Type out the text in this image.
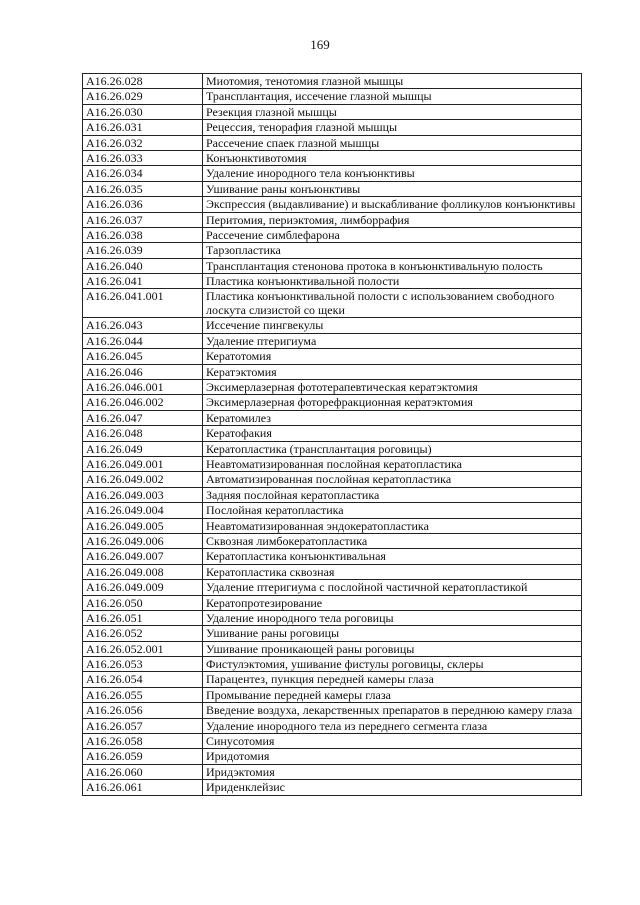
169
A16.26.028	Миотомия, тенотомия глазной мышцы
A16.26.029	Трансплантация, иссечение глазной мышцы
A16.26.030	Резекция глазной мышцы
A16.26.031	Рецессия, тенорафия глазной мышцы
A16.26.032	Рассечение спаек глазной мышцы
A16.26.033	Конъюнктивотомия
A16.26.034	Удаление инородного тела конъюнктивы
A16.26.035	Ушивание раны конъюнктивы
A16.26.036	Экспрессия (выдавливание) и выскабливание фолликулов конъюнктивы
A16.26.037	Перитомия, периэктомия, лимборрафия
A16.26.038	Рассечение симблефарона
A16.26.039	Тарзопластика
A16.26.040	Трансплантация стенонова протока в конъюнктивальную полость
A16.26.041	Пластика конъюнктивальной полости
A16.26.041.001	Пластика конъюнктивальной полости с использованием свободного лоскута слизистой со щеки
A16.26.043	Иссечение пингвекулы
A16.26.044	Удаление птеригиума
A16.26.045	Кератотомия
A16.26.046	Кератэктомия
A16.26.046.001	Эксимерлазерная фототерапевтическая кератэктомия
A16.26.046.002	Эксимерлазерная фоторефракционная кератэктомия
A16.26.047	Кератомилез
A16.26.048	Кератофакия
A16.26.049	Кератопластика (трансплантация роговицы)
A16.26.049.001	Неавтоматизированная послойная кератопластика
A16.26.049.002	Автоматизированная послойная кератопластика
A16.26.049.003	Задняя послойная кератопластика
A16.26.049.004	Послойная кератопластика
A16.26.049.005	Неавтоматизированная эндокератопластика
A16.26.049.006	Сквозная лимбокератопластика
A16.26.049.007	Кератопластика конъюнктивальная
A16.26.049.008	Кератопластика сквозная
A16.26.049.009	Удаление птеригиума с послойной частичной кератопластикой
A16.26.050	Кератопротезирование
A16.26.051	Удаление инородного тела роговицы
A16.26.052	Ушивание раны роговицы
A16.26.052.001	Ушивание проникающей раны роговицы
A16.26.053	Фистулэктомия, ушивание фистулы роговицы, склеры
A16.26.054	Парацентез, пункция передней камеры глаза
A16.26.055	Промывание передней камеры глаза
A16.26.056	Введение воздуха, лекарственных препаратов в переднюю камеру глаза
A16.26.057	Удаление инородного тела из переднего сегмента глаза
A16.26.058	Синусотомия
A16.26.059	Иридотомия
A16.26.060	Иридэктомия
A16.26.061	Ириденклейзис
